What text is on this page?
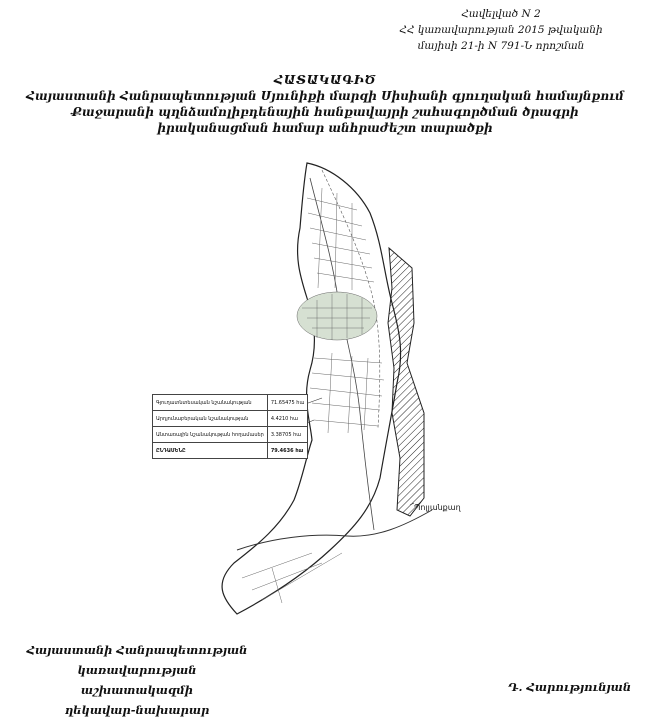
Հավելված N 2
ՀՀ կառավարության 2015 թվականի
մայիսի 21-ի N 791-Ն որոշման
ՀԱՏԱԿԱԳԻԾ
Հայաստանի Հանրապետության Սյունիքի մարզի Սիսիանի գյուղական համայնքում
Քաջարանի պղնձամոլիբդենային հանքավայրի շահագործման ծրագրի
իրականացման համար անհրաժեշտ տարածքի
Գյուղատնտեսական նշանակության	71.65475 հա
Արդյունաբերական նշանակության	4.4210 հա
Անտառային նշանակության հողամասեր	3.38705 հա
ԸՆԴԱՄԵՆԸ	79.4636 հա
Պոլյանքաղ
Հայաստանի Հանրապետության
կառավարության աշխատակազմի
ղեկավար-նախարար
Դ. Հարությունյան
